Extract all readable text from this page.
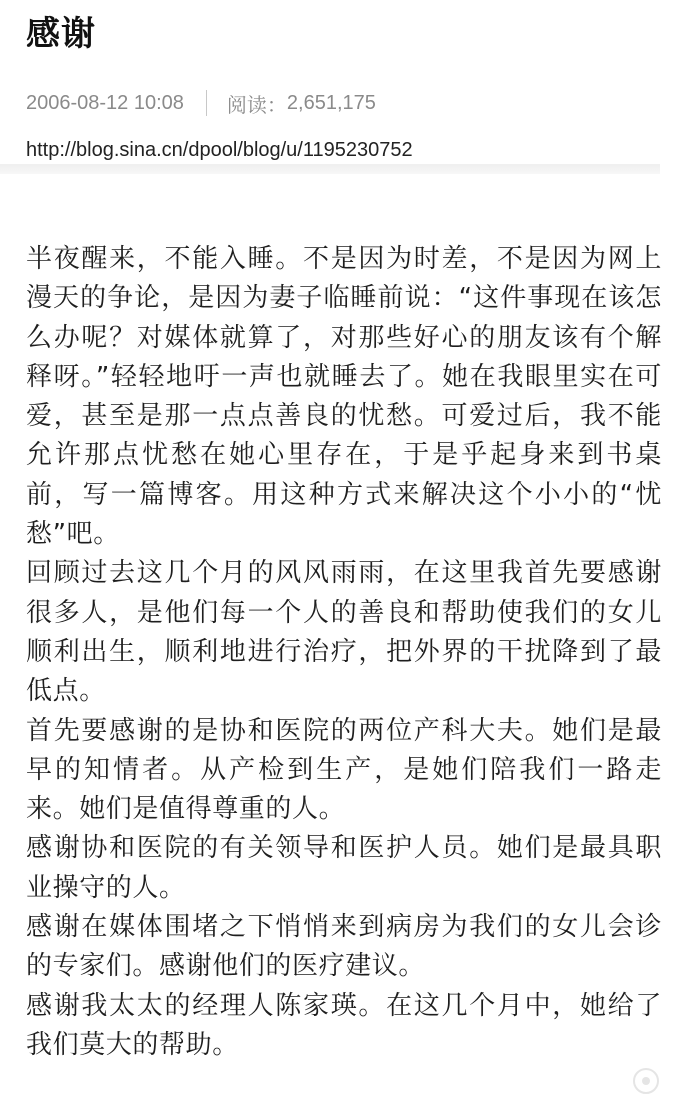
感谢
2006-08-12 10:08 阅读： 2,651,175
http://blog.sina.cn/dpool/blog/u/1195230752

半夜醒来，不能入睡。不是因为时差，不是因为网上漫天的争论，是因为妻子临睡前说：“这件事现在该怎么办呢？对媒体就算了，对那些好心的朋友该有个解释呀。”轻轻地吁一声也就睡去了。她在我眼里实在可爱，甚至是那一点点善良的忧愁。可爱过后，我不能允许那点忧愁在她心里存在，于是乎起身来到书桌前，写一篇博客。用这种方式来解决这个小小的“忧愁”吧。

回顾过去这几个月的风风雨雨，在这里我首先要感谢很多人，是他们每一个人的善良和帮助使我们的女儿顺利出生，顺利地进行治疗，把外界的干扰降到了最低点。

首先要感谢的是协和医院的两位产科大夫。她们是最早的知情者。从产检到生产，是她们陪我们一路走来。她们是值得尊重的人。

感谢协和医院的有关领导和医护人员。她们是最具职业操守的人。

感谢在媒体围堵之下悄悄来到病房为我们的女儿会诊的专家们。感谢他们的医疗建议。

感谢我太太的经理人陈家瑛。在这几个月中，她给了我们莫大的帮助。
